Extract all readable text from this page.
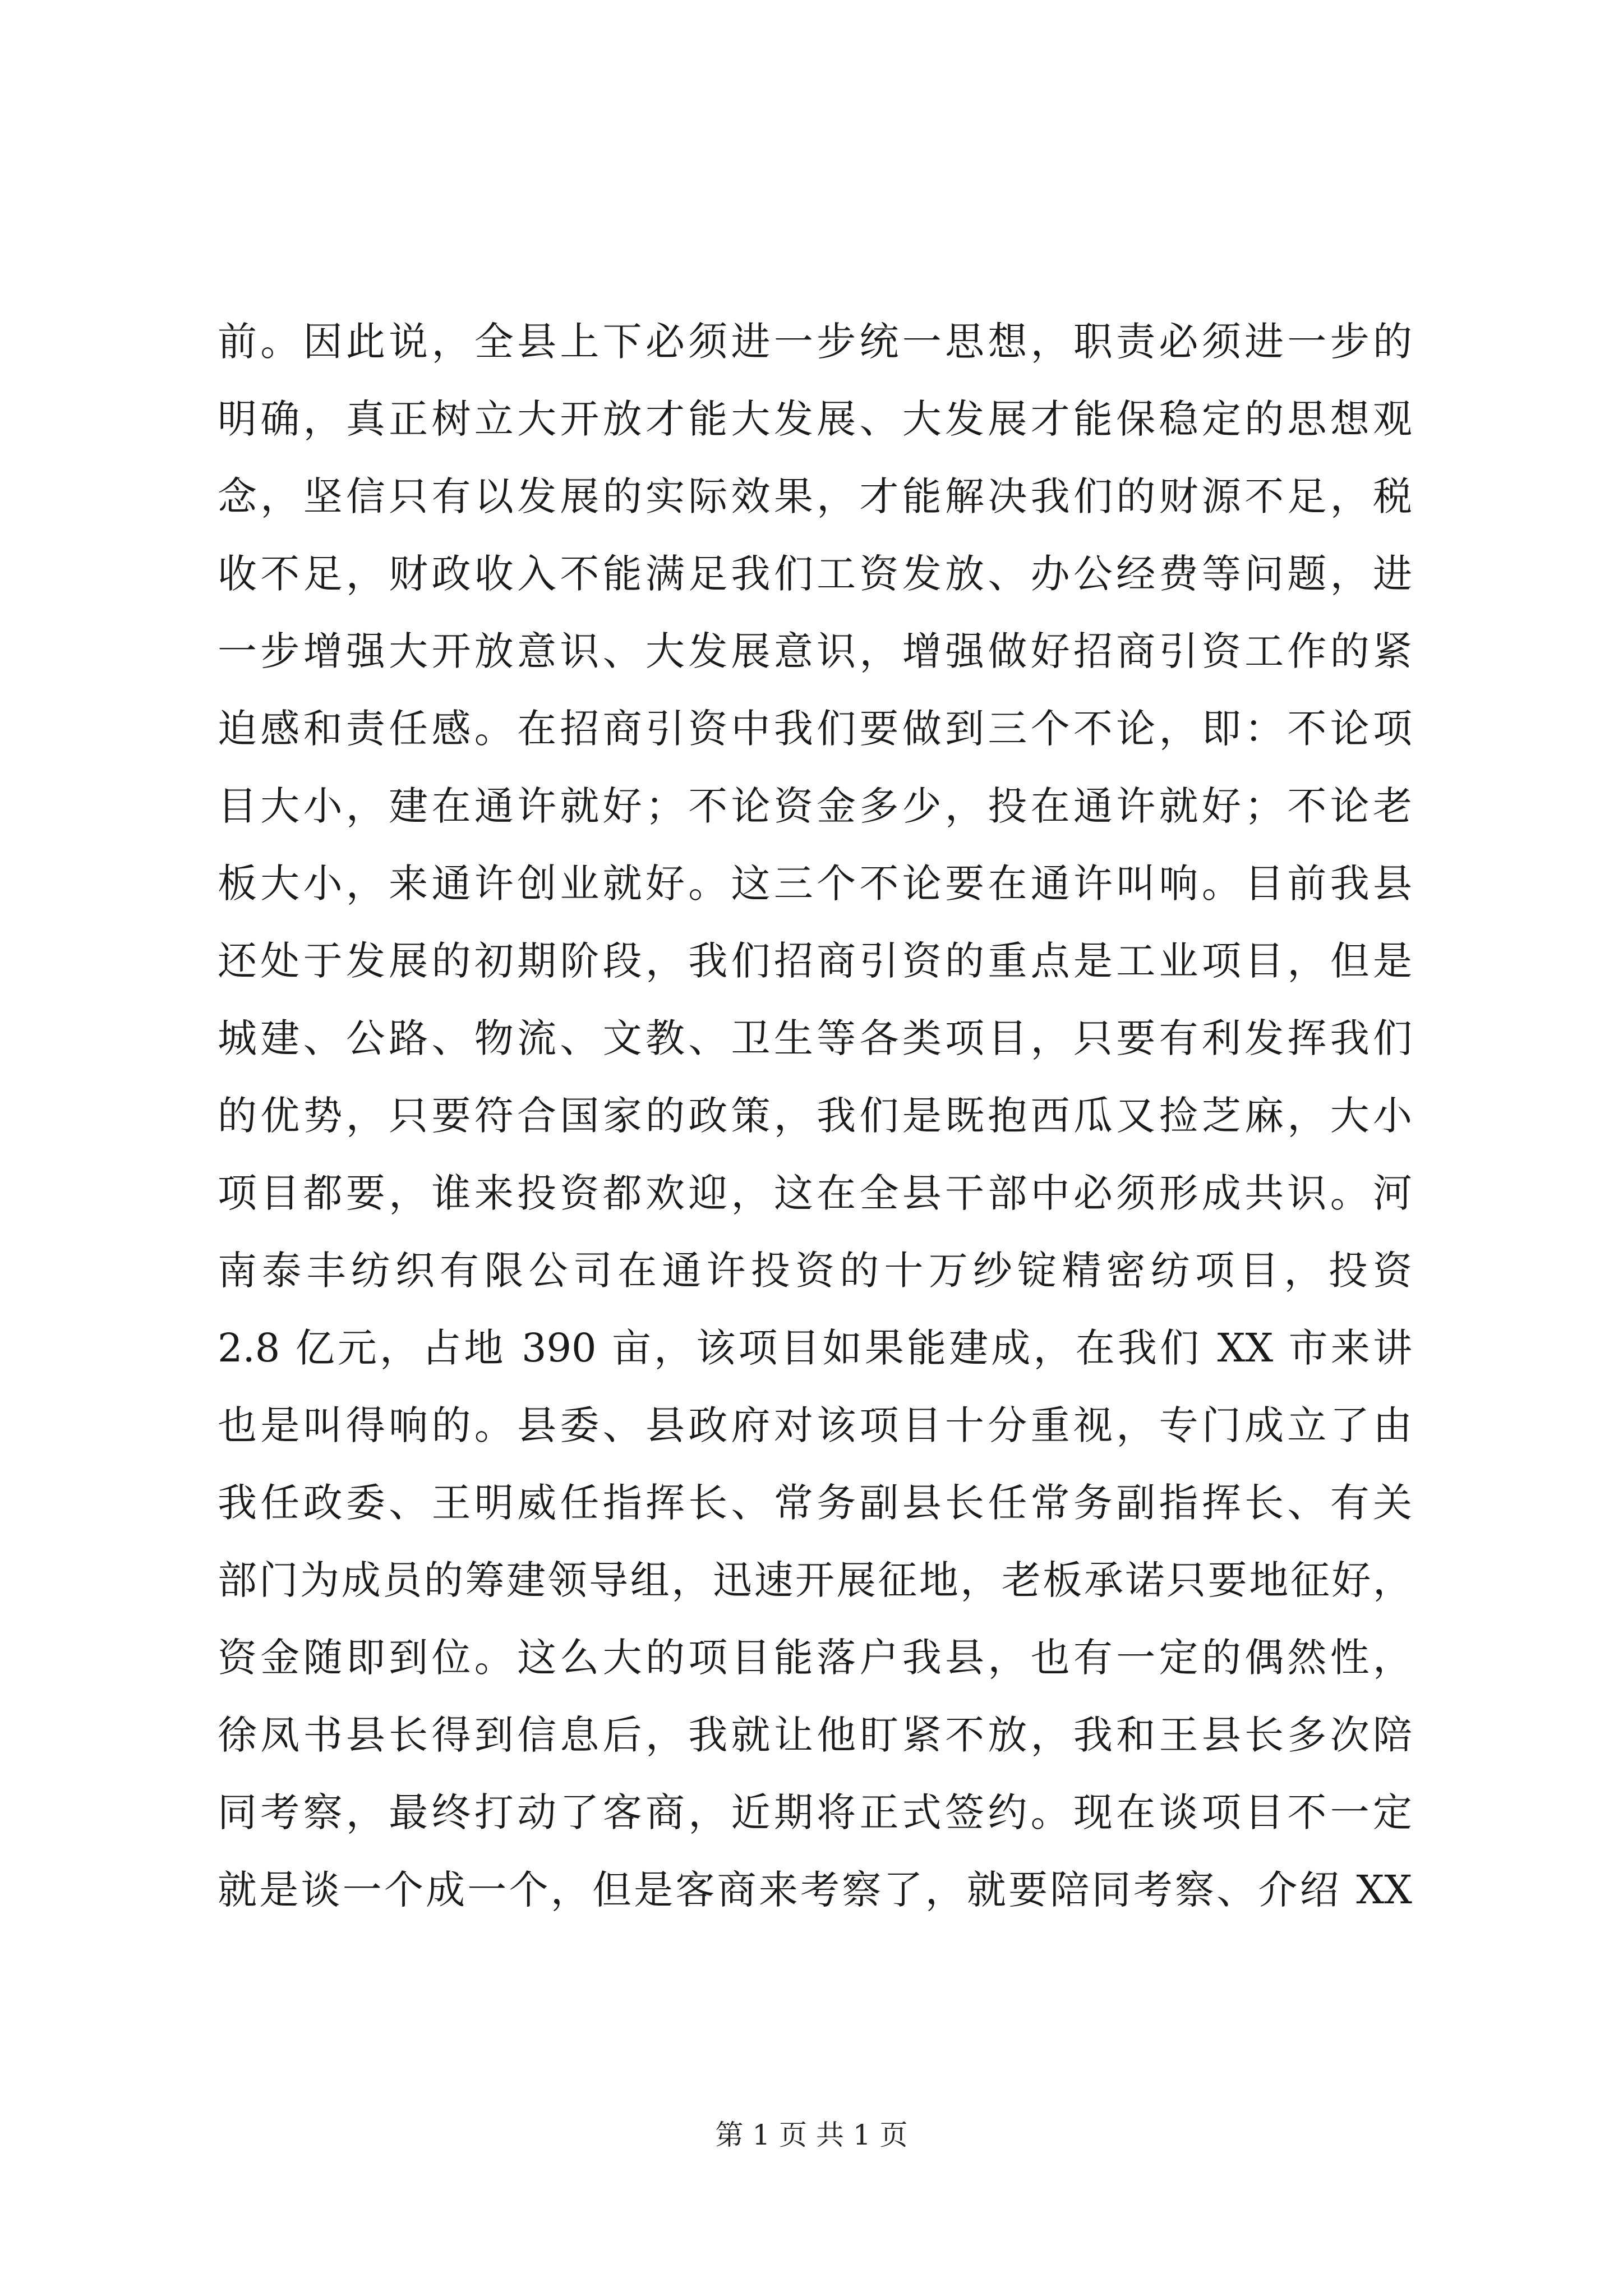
前。因此说，全县上下必须进一步统一思想，职责必须进一步的
明确，真正树立大开放才能大发展、大发展才能保稳定的思想观
念，坚信只有以发展的实际效果，才能解决我们的财源不足，税
收不足，财政收入不能满足我们工资发放、办公经费等问题，进
一步增强大开放意识、大发展意识，增强做好招商引资工作的紧
迫感和责任感。在招商引资中我们要做到三个不论，即：不论项
目大小，建在通许就好；不论资金多少，投在通许就好；不论老
板大小，来通许创业就好。这三个不论要在通许叫响。目前我县
还处于发展的初期阶段，我们招商引资的重点是工业项目，但是
城建、公路、物流、文教、卫生等各类项目，只要有利发挥我们
的优势，只要符合国家的政策，我们是既抱西瓜又捡芝麻，大小
项目都要，谁来投资都欢迎，这在全县干部中必须形成共识。河
南泰丰纺织有限公司在通许投资的十万纱锭精密纺项目，投资
2.8 亿元，占地 390 亩，该项目如果能建成，在我们 XX 市来讲
也是叫得响的。县委、县政府对该项目十分重视，专门成立了由
我任政委、王明威任指挥长、常务副县长任常务副指挥长、有关
部门为成员的筹建领导组，迅速开展征地，老板承诺只要地征好，
资金随即到位。这么大的项目能落户我县，也有一定的偶然性，
徐凤书县长得到信息后，我就让他盯紧不放，我和王县长多次陪
同考察，最终打动了客商，近期将正式签约。现在谈项目不一定
就是谈一个成一个，但是客商来考察了，就要陪同考察、介绍 XX
第 1 页 共 1 页
